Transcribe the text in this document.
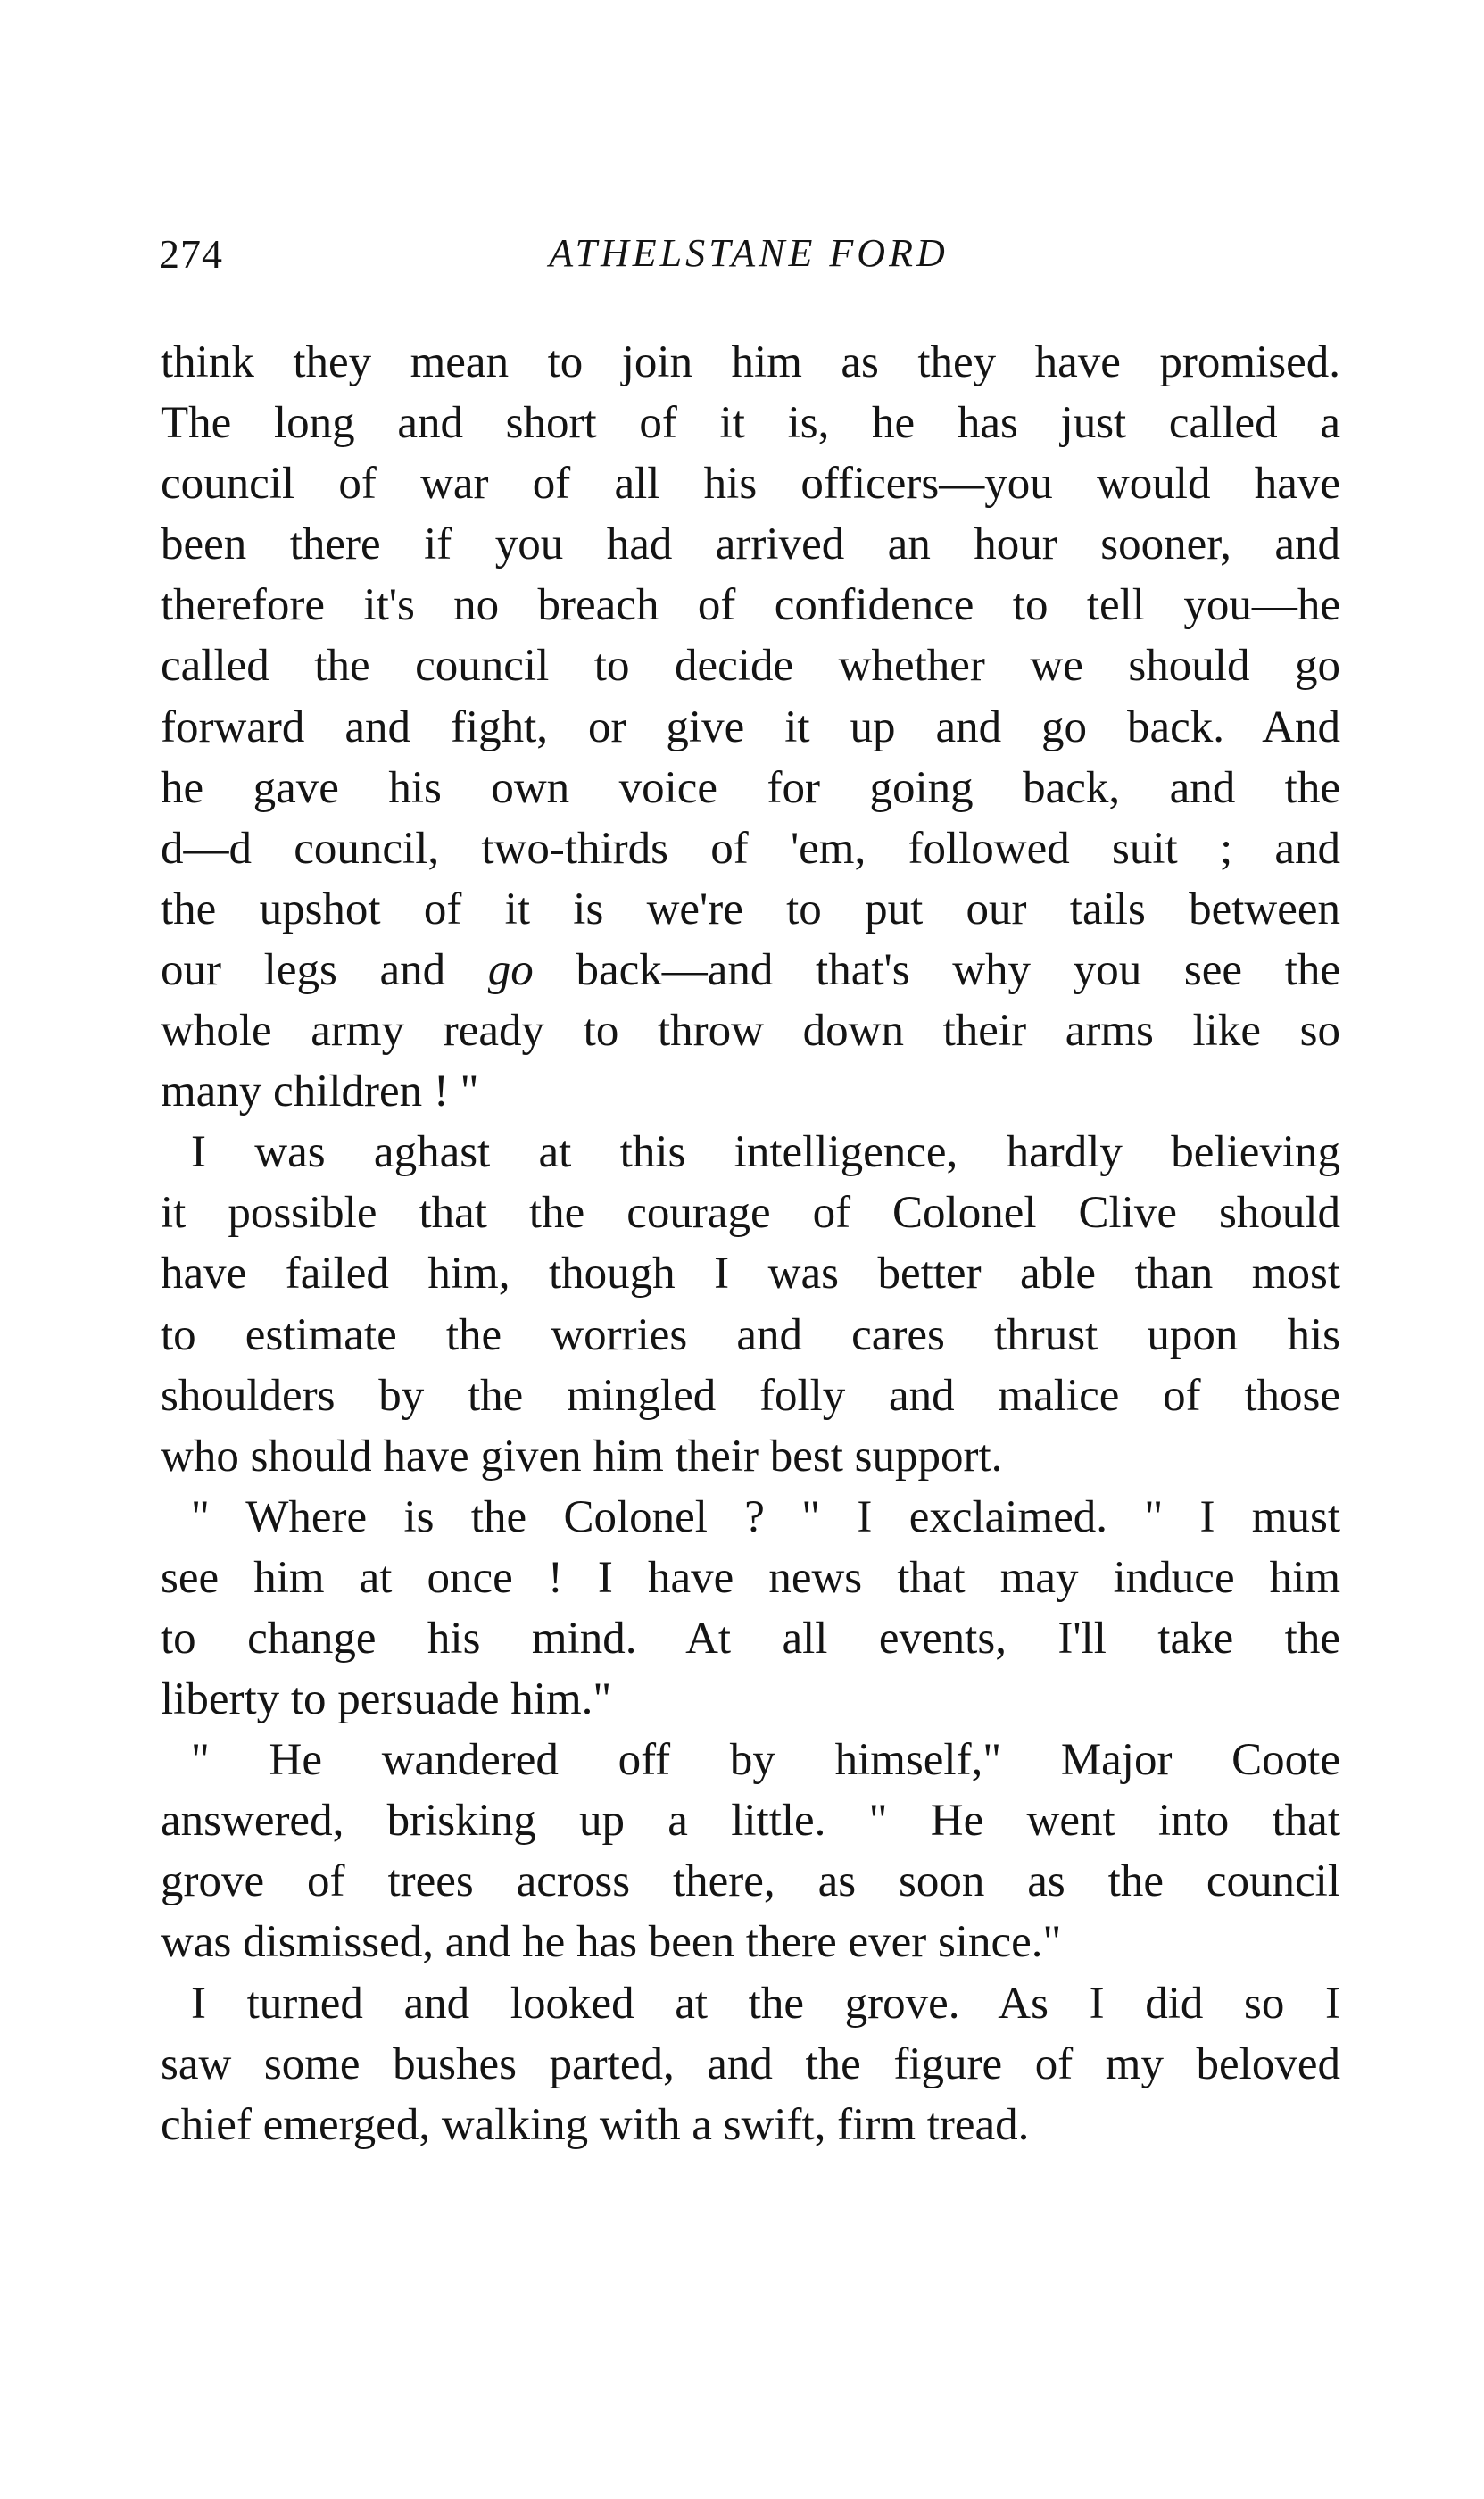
274	ATHELSTANE FORD
think they mean to join him as they have promised.
The long and short of it is, he has just called a
council of war of all his officers—you would have
been there if you had arrived an hour sooner, and
therefore it's no breach of confidence to tell you—he
called the council to decide whether we should go
forward and fight, or give it up and go back. And
he gave his own voice for going back, and the
d—d council, two-thirds of 'em, followed suit ; and
the upshot of it is we're to put our tails between
our legs and go back—and that's why you see the
whole army ready to throw down their arms like so
many children ! "
I was aghast at this intelligence, hardly believing
it possible that the courage of Colonel Clive should
have failed him, though I was better able than most
to estimate the worries and cares thrust upon his
shoulders by the mingled folly and malice of those
who should have given him their best support.
" Where is the Colonel ? " I exclaimed. " I must
see him at once ! I have news that may induce him
to change his mind. At all events, I'll take the
liberty to persuade him."
" He wandered off by himself," Major Coote
answered, brisking up a little. " He went into that
grove of trees across there, as soon as the council
was dismissed, and he has been there ever since."
I turned and looked at the grove. As I did so I
saw some bushes parted, and the figure of my beloved
chief emerged, walking with a swift, firm tread.
